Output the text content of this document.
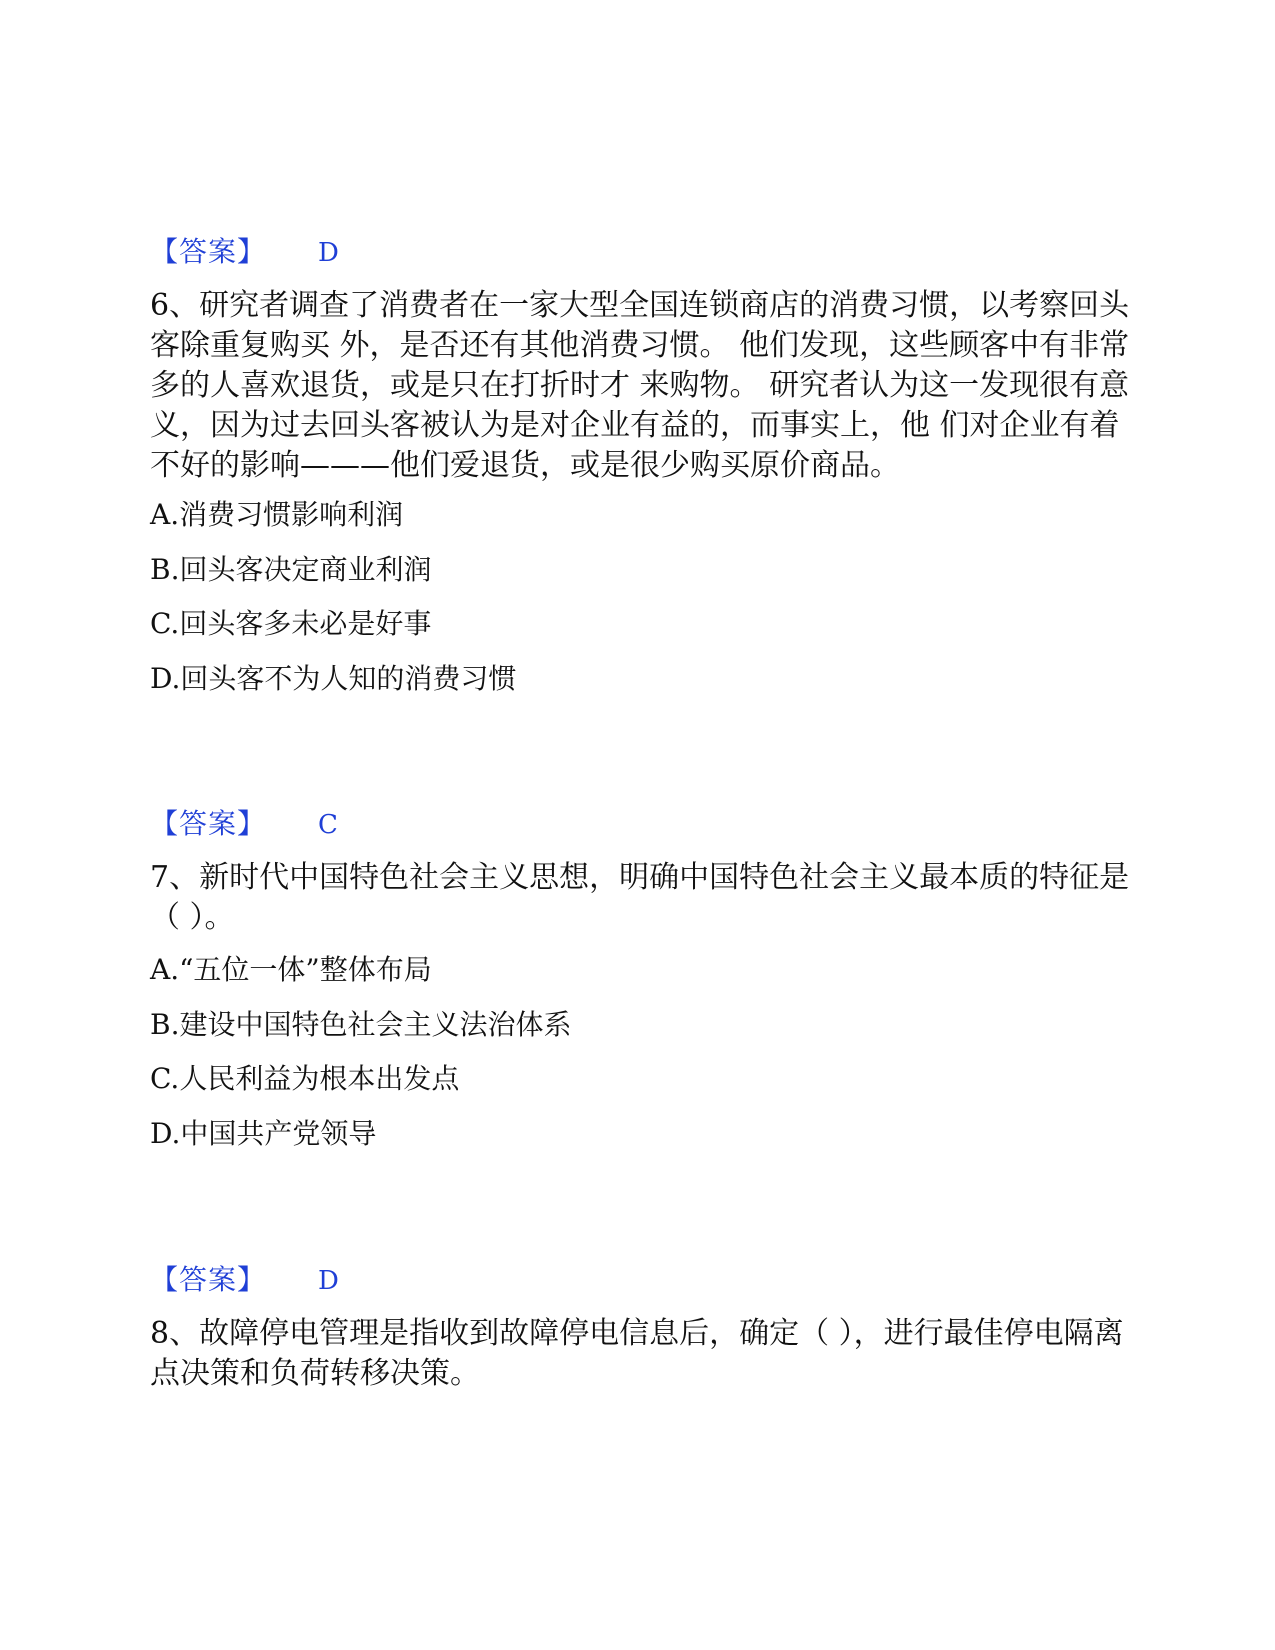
【答案】 D
6、研究者调查了消费者在一家大型全国连锁商店的消费习惯，以考察回头
客除重复购买 外，是否还有其他消费习惯。 他们发现，这些顾客中有非常
多的人喜欢退货，或是只在打折时才 来购物。 研究者认为这一发现很有意
义，因为过去回头客被认为是对企业有益的，而事实上，他 们对企业有着
不好的影响———他们爱退货，或是很少购买原价商品。
A.消费习惯影响利润
B.回头客决定商业利润
C.回头客多未必是好事
D.回头客不为人知的消费习惯
【答案】 C
7、新时代中国特色社会主义思想，明确中国特色社会主义最本质的特征是
（ ）。
A.“五位一体”整体布局
B.建设中国特色社会主义法治体系
C.人民利益为根本出发点
D.中国共产党领导
【答案】 D
8、故障停电管理是指收到故障停电信息后，确定（ ），进行最佳停电隔离
点决策和负荷转移决策。
